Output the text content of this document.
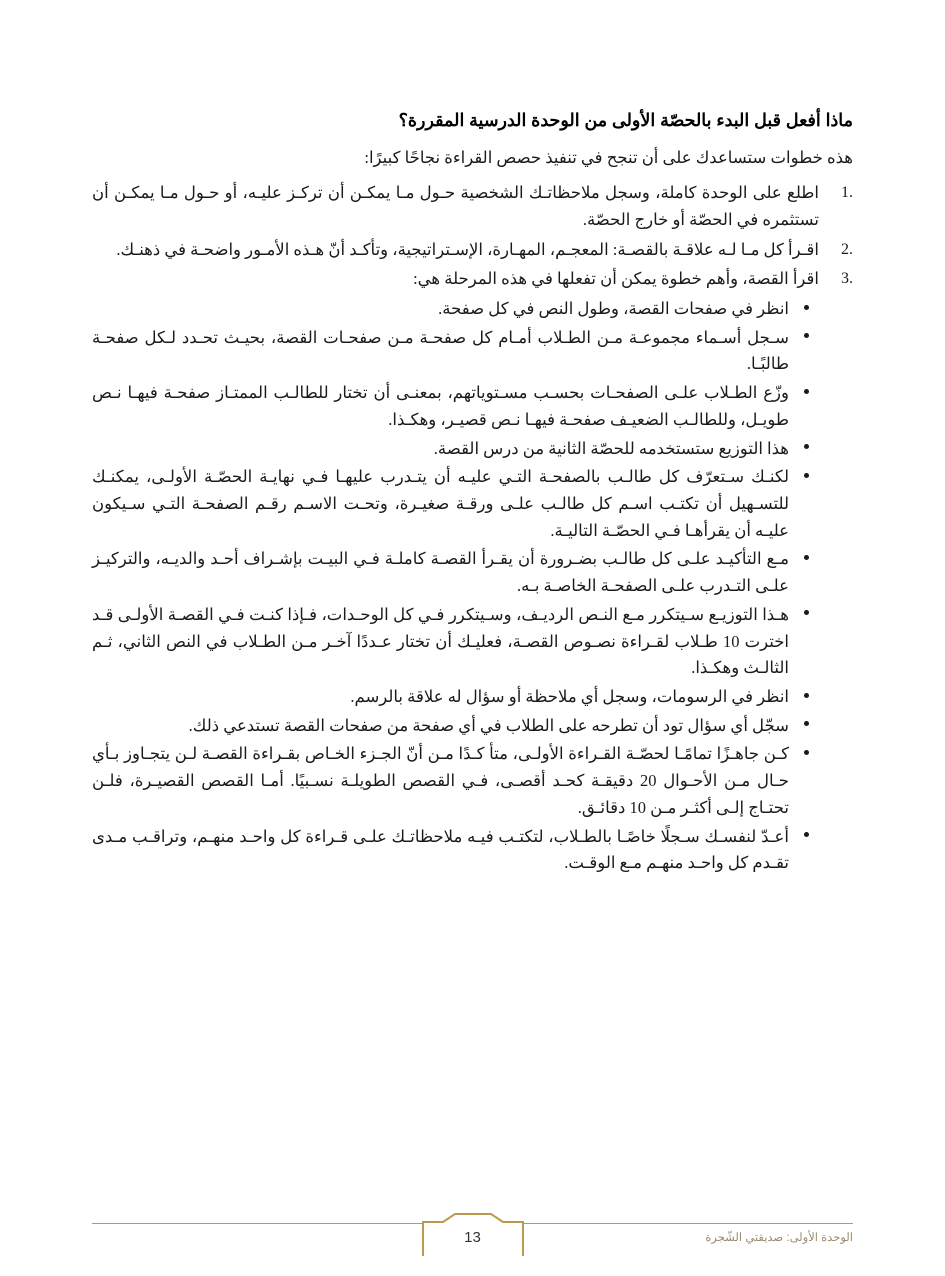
ماذا أفعل قبل البدء بالحصّة الأولى من الوحدة الدرسية المقررة؟

هذه خطوات ستساعدك على أن تنجح في تنفيذ حصص القراءة نجاحًا كبيرًا:

1.
اطلع على الوحدة كاملة، وسجل ملاحظاتـك الشخصية حـول مـا يمكـن أن تركـز عليـه، أو حـول مـا يمكـن أن تستثمره في الحصّة أو خارج الحصّة.
2.
اقـرأ كل مـا لـه علاقـة بالقصـة: المعجـم، المهـارة، الإسـتراتيجية، وتأكـد أنّ هـذه الأمـور واضحـة في ذهنـك.
3.
اقرأ القصة، وأهم خطوة يمكن أن تفعلها في هذه المرحلة هي:
انظر في صفحات القصة، وطول النص في كل صفحة.
سـجل أسـماء مجموعـة مـن الطـلاب أمـام كل صفحـة مـن صفحـات القصة، بحيـث تحـدد لـكل صفحـة طالبًـا.
وزّع الطـلاب علـى الصفحـات بحسـب مسـتوياتهم، بمعنـى أن تختار للطالـب الممتـاز صفحـة فيهـا نـص طويـل، وللطالـب الضعيـف صفحـة فيهـا نـص قصيـر، وهكـذا.
هذا التوزيع ستستخدمه للحصّة الثانية من درس القصة.
لكنـك سـتعرّف كل طالـب بالصفحـة التـي عليـه أن يتـدرب عليهـا فـي نهايـة الحصّـة الأولـى، يمكنـك للتسـهيل أن تكتـب اسـم كل طالـب علـى ورقـة صغيـرة، وتحـت الاسـم رقـم الصفحـة التـي سـيكون عليـه أن يقرأهـا فـي الحصّـة التاليـة.
مـع التأكيـد علـى كل طالـب بضـرورة أن يقـرأ القصـة كاملـة فـي البيـت بإشـراف أحـد والديـه، والتركيـز علـى التـدرب علـى الصفحـة الخاصـة بـه.
هـذا التوزيـع سـيتكرر مـع النـص الرديـف، وسـيتكرر فـي كل الوحـدات، فـإذا كنـت فـي القصـة الأولـى قـد اخترت 10 طـلاب لقـراءة نصـوص القصـة، فعليـك أن تختار عـددًا آخـر مـن الطـلاب في النص الثاني، ثـم الثالـث وهكـذا.
انظر في الرسومات، وسجل أي ملاحظة أو سؤال له علاقة بالرسم.
سجّل أي سؤال تود أن تطرحه على الطلاب في أي صفحة من صفحات القصة تستدعي ذلك.
كـن جاهـزًا تمامًـا لحصّـة القـراءة الأولـى، متأ كـدًا مـن أنّ الجـزء الخـاص بقـراءة القصـة لـن يتجـاوز بـأي حـال مـن الأحـوال 20 دقيقـة كحـد أقصـى، فـي القصص الطويلـة نسـبيًا. أمـا القصص القصيـرة، فلـن تحتـاج إلـى أكثـر مـن 10 دقائـق.
أعـدّ لنفسـك سـجلًا خاصًـا بالطـلاب، لتكتـب فيـه ملاحظاتـك علـى قـراءة كل واحـد منهـم، وتراقـب مـدى تقـدم كل واحـد منهـم مـع الوقـت.
13	الوحدة الأولى: صديقتي الشّجرة
